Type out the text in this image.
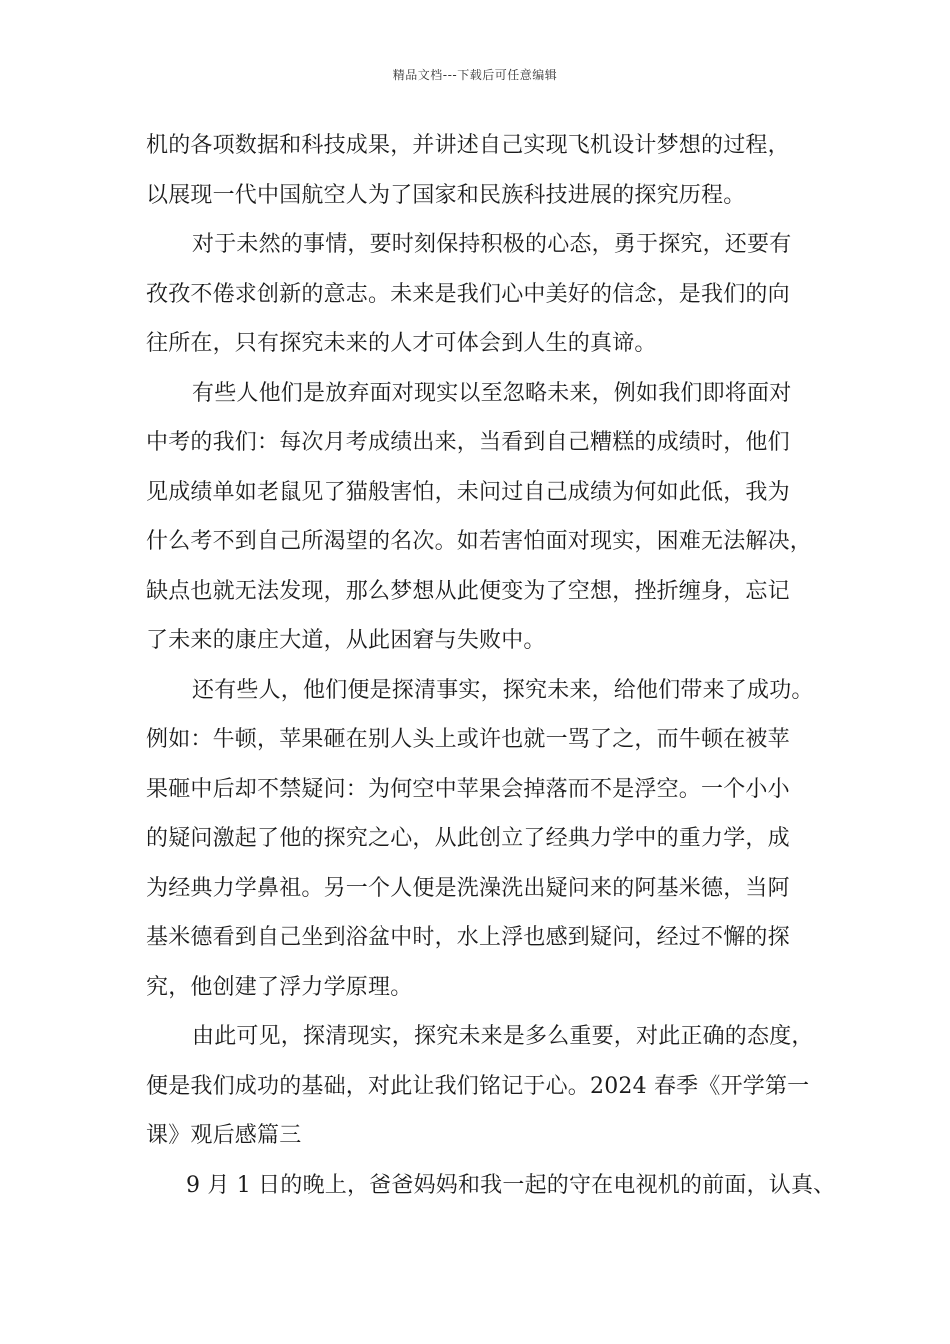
精品文档---下载后可任意编辑
机的各项数据和科技成果，并讲述自己实现飞机设计梦想的过程，
以展现一代中国航空人为了国家和民族科技进展的探究历程。
对于未然的事情，要时刻保持积极的心态，勇于探究，还要有
孜孜不倦求创新的意志。未来是我们心中美好的信念，是我们的向
往所在，只有探究未来的人才可体会到人生的真谛。
有些人他们是放弃面对现实以至忽略未来，例如我们即将面对
中考的我们：每次月考成绩出来，当看到自己糟糕的成绩时，他们
见成绩单如老鼠见了猫般害怕，未问过自己成绩为何如此低，我为
什么考不到自己所渴望的名次。如若害怕面对现实，困难无法解决，
缺点也就无法发现，那么梦想从此便变为了空想，挫折缠身，忘记
了未来的康庄大道，从此困窘与失败中。
还有些人，他们便是探清事实，探究未来，给他们带来了成功。
例如：牛顿，苹果砸在别人头上或许也就一骂了之，而牛顿在被苹
果砸中后却不禁疑问：为何空中苹果会掉落而不是浮空。一个小小
的疑问激起了他的探究之心，从此创立了经典力学中的重力学，成
为经典力学鼻祖。另一个人便是洗澡洗出疑问来的阿基米德，当阿
基米德看到自己坐到浴盆中时，水上浮也感到疑问，经过不懈的探
究，他创建了浮力学原理。
由此可见，探清现实，探究未来是多么重要，对此正确的态度，
便是我们成功的基础，对此让我们铭记于心。2024 春季《开学第一
课》观后感篇三
9 月 1 日的晚上，爸爸妈妈和我一起的守在电视机的前面，认真、
